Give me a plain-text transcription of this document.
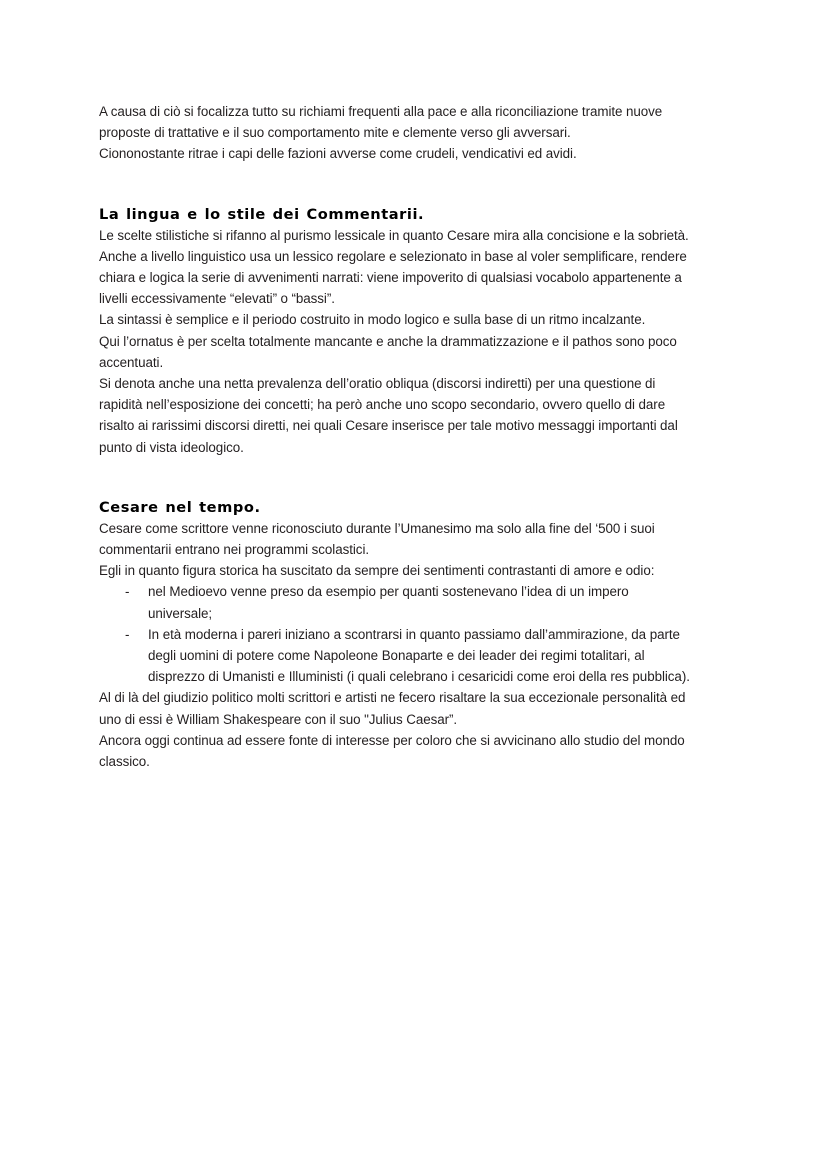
A causa di ciò si focalizza tutto su richiami frequenti alla pace e alla riconciliazione tramite nuove
proposte di trattative e il suo comportamento mite e clemente verso gli avversari.
Ciononostante ritrae i capi delle fazioni avverse come crudeli, vendicativi ed avidi.

La lingua e lo stile dei Commentarii.

Le scelte stilistiche si rifanno al purismo lessicale in quanto Cesare mira alla concisione e la sobrietà.
Anche a livello linguistico usa un lessico regolare e selezionato in base al voler semplificare, rendere
chiara e logica la serie di avvenimenti narrati: viene impoverito di qualsiasi vocabolo appartenente a
livelli eccessivamente “elevati” o “bassi”.
La sintassi è semplice e il periodo costruito in modo logico e sulla base di un ritmo incalzante.
Qui l’ornatus è per scelta totalmente mancante e anche la drammatizzazione e il pathos sono poco
accentuati.
Si denota anche una netta prevalenza dell’oratio obliqua (discorsi indiretti) per una questione di
rapidità nell’esposizione dei concetti; ha però anche uno scopo secondario, ovvero quello di dare
risalto ai rarissimi discorsi diretti, nei quali Cesare inserisce per tale motivo messaggi importanti dal
punto di vista ideologico.

Cesare nel tempo.

Cesare come scrittore venne riconosciuto durante l’Umanesimo ma solo alla fine del ‘500 i suoi
commentarii entrano nei programmi scolastici.
Egli in quanto figura storica ha suscitato da sempre dei sentimenti contrastanti di amore e odio:

- nel Medioevo venne preso da esempio per quanti sostenevano l’idea di un impero
universale;
- In età moderna i pareri iniziano a scontrarsi in quanto passiamo dall’ammirazione, da parte
degli uomini di potere come Napoleone Bonaparte e dei leader dei regimi totalitari, al
disprezzo di Umanisti e Illuministi (i quali celebrano i cesaricidi come eroi della res pubblica).

Al di là del giudizio politico molti scrittori e artisti ne fecero risaltare la sua eccezionale personalità ed
uno di essi è William Shakespeare con il suo "Julius Caesar”.
Ancora oggi continua ad essere fonte di interesse per coloro che si avvicinano allo studio del mondo
classico.
